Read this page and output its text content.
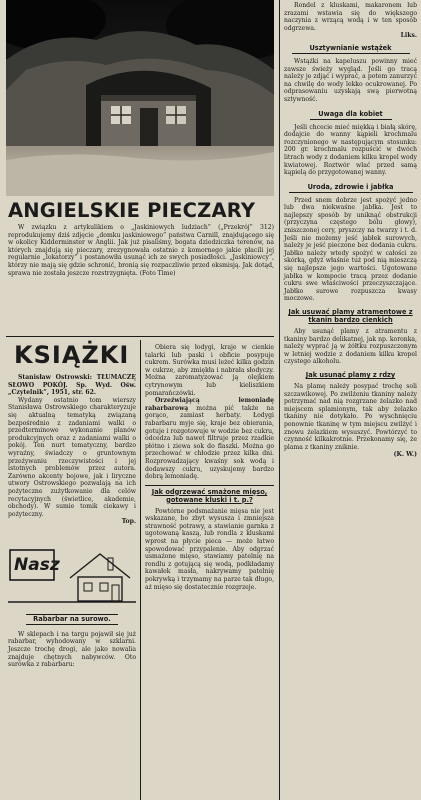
ANGIELSKIE PIECZARY

W związku z artykulikiem o „Jaskiniowych ludziach” („Przekrój” 312) reprodukujemy dziś zdjęcie „domku jaskiniowego” państwa Carnill, znajdującego się w okolicy Kidderminster w Anglii. Jak już pisaliśmy, bogata dziedziczka terenów, na których znajdują się pieczary, zrezygnowała ostatnio z komornego jakie płacili jej regularnie „lokatorzy” i postanowiła usunąć ich ze swych posiadłości. „Jaskiniowcy”, którzy nie mają się gdzie schronić, bronią się rozpaczliwie przed eksmisją. Jak dotąd, sprawa nie została jeszcze rozstrzygnięta. (Foto Time)

KSIĄŻKI

Stanisław Ostrowski: TŁUMACZĘ SŁOWO POKÓJ. Sp. Wyd. Ośw. „Czytelnik”, 1951, str. 62.

Wydany ostatnio tom wierszy Stanisława Ostrowskiego charakteryzuje się aktualną tematyką związaną bezpośrednio z zadaniami walki o przedterminowe wykonanie planów produkcyjnych oraz z zadaniami walki o pokój. Ten nurt tematyczny, bardzo wyraźny, świadczy o gruntownym przeżywaniu rzeczywistości i jej istotnych problemów przez autora. Zarówno akcenty bojowe, jak i liryczne utwory Ostrowskiego pozwalają na ich pożyteczne zużytkowanie dla celów recytacyjnych (świetlice, akademie, obchody). W sumie tomik ciekawy i pożyteczny.

Top.
Nasz
Rabarbar na surowo.

W sklepach i na targu pojawił się już rabarbar, wyhodowany w szklarni. Jeszcze trochę drogi, ale jako nowalia znajduje chętnych nabywców. Oto surówka z rabarbaru:

Obiera się łodygi, kraje w cienkie talarki lub paski i obficie posypuje cukrem. Surówka musi leżeć kilka godzin w cukrze, aby zmiękła i nabrała słodyczy. Można zaromatyzować ją olejkiem cytrynowym lub kieliszkiem pomarańczówki.

Orzeźwiającą lemoniadę rabarbarową można pić także na gorąco, zamiast herbaty. Łodygi rabarbaru myje się, kraje bez obierania, gotuje i rozgotowuje w wodzie bez cukru, odcedza lub nawet filtruje przez rzadkie płótno i ziewa sok do flaszki. Można go przechować w chłodzie przez kilka dni. Rozprowadzający kwaśny sok wodą i dodawszy cukru, uzyskujemy bardzo dobrą lemoniadę.

Jak odgrzewać smażone mięso, gotowane kluski i t. p.?

Powtórne podsmażanie mięsa nie jest wskazane, bo zbyt wysusza i zmniejsza strawność potrawy, a stawianie garnka z ugotowaną kaszą, lub rondla z kluskami wprost na płycie pieca — może łatwo spowodować przypalenie. Aby odgrzać usmażone mięso, stawiamy patelnię na rondlu z gotującą się wodą, podkładamy kawałek masła, nakrywamy patelnię pokrywką i trzymamy na parze tak długo, aż mięso się dostatecznie rozgrzeje.

Rondel z kluskami, makaronem lub zrazami wstawia się do większego naczynia z wrzącą wodą i w ten sposób odgrzewa.

Liks.
Usztywnianie wstążek

Wstążki na kapeluszu powinny mieć zawsze świeży wygląd. Jeśli go tracą należy je zdjąć i wyprać, a potem zanurzyć na chwilę do wody lekko ocukrowanej. Po odprasowaniu uzyskają swą pierwotną sztywność.

Uwaga dla kobiet

Jeśli chcecie mieć miękką i białą skórę, dodajcie do wanny kąpieli krochmalu rozczynionego w następującym stosunku: 200 gr. krochmalu rozpuścić w dwóch litrach wody z dodaniem kilku kropel wody kwiatowej. Roztwór wlać przed samą kąpielą do przygotowanej wanny.

Uroda, zdrowie i jabłka

Przed snem dobrze jest spożyć jedno lub dwa niekwaśne jabłka. Jest to najlepszy sposób by uniknąć obstrukcji (przyczyna częstego bólu głowy), zniszczonej cery, pryszczy na twarzy i t. d. Jeśli nie możemy jeść jabłek surowych, należy je jeść pieczone bez dodania cukru. Jabłko należy wtedy spożyć w całości ze skórką, gdyż właśnie tuż pod nią mieszczą się najlepsze jego wartości. Ugotowane jabłka w kompocie tracą przez dodanie cukru swe właściwości przeczyszczające. Jabłko surowe rozpuszcza kwasy moczowe.

Jak usuwać plamy atramentowe z tkanin bardzo cienkich

Aby usunąć plamy z atramentu z tkaniny bardzo delikatnej, jak np. koronka, należy wyprać ją w żółtku rozpuszczonym w letniej wodzie z dodaniem kilku kropel czystego alkoholu.

Jak usunąć plamy z rdzy

Na plamę należy posypać trochę soli szczawikowej. Po zwilżeniu tkaniny należy potrzymać nad nią rozgrzane żelazko nad miejscem splamionym, tak aby żelazko tkaniny nie dotykało. Po wyschnięciu ponownie tkaninę w tym miejscu zwilżyć i znowu żelazkiem wysuszyć. Powtórzyć to czynność kilkakrotnie. Przekonamy się, że plama z tkaniny zniknie.

(K. W.)
